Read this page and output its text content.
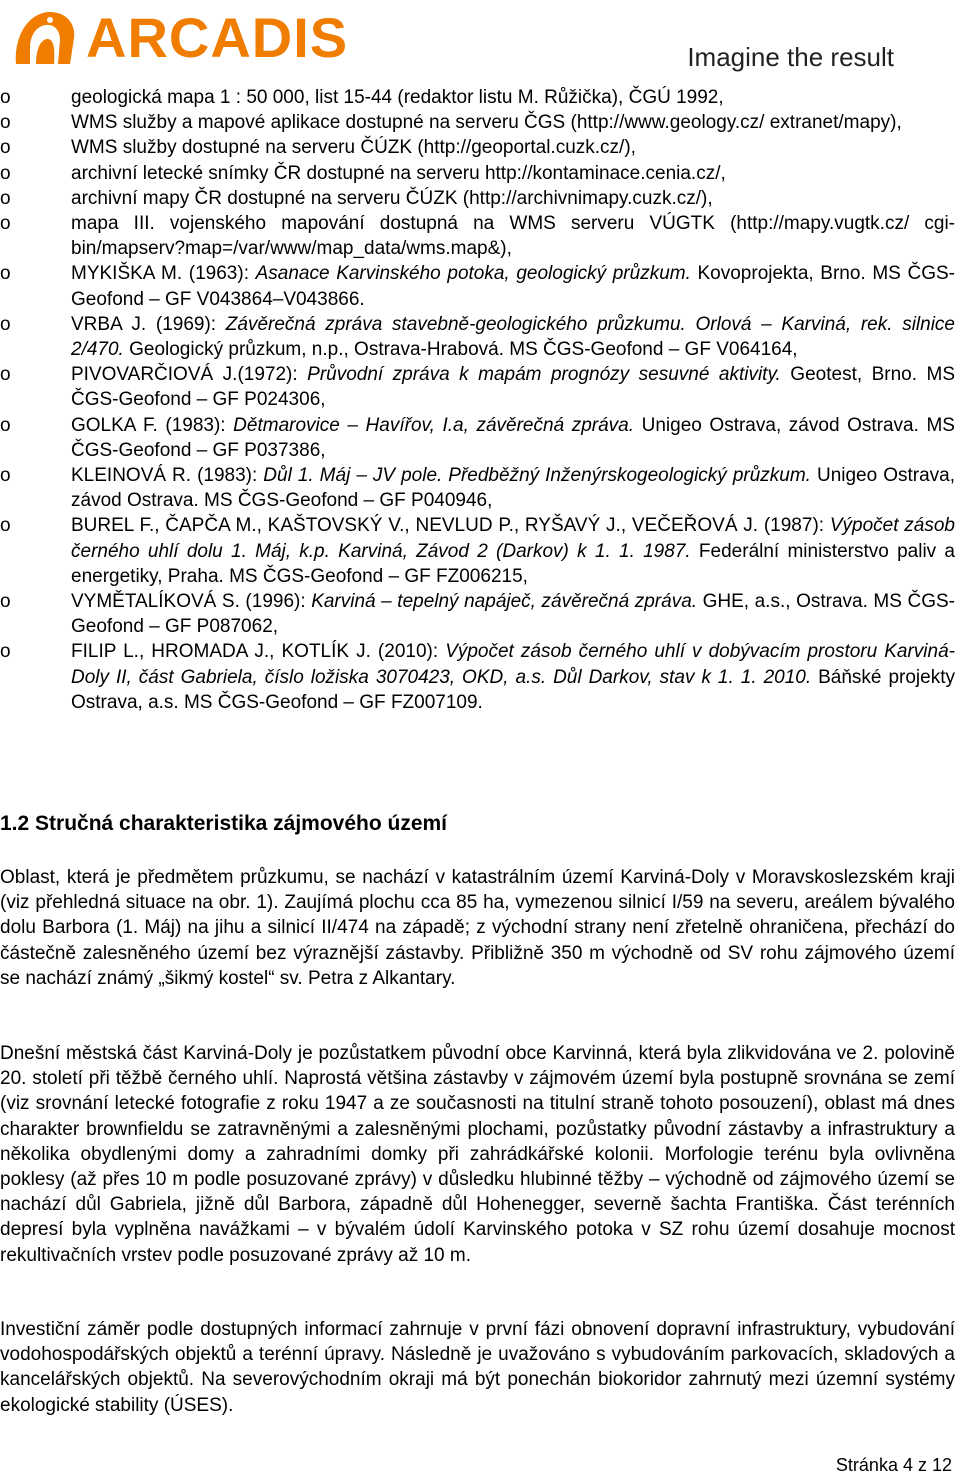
ARCADIS	Imagine the result
o	geologická mapa 1 : 50 000, list 15-44 (redaktor listu M. Růžička), ČGÚ 1992,
o	WMS služby a mapové aplikace dostupné na serveru ČGS (http://www.geology.cz/ extranet/mapy),
o	WMS služby dostupné na serveru ČÚZK (http://geoportal.cuzk.cz/),
o	archivní letecké snímky ČR dostupné na serveru http://kontaminace.cenia.cz/,
o	archivní mapy ČR dostupné na serveru ČÚZK (http://archivnimapy.cuzk.cz/),
o	mapa III. vojenského mapování dostupná na WMS serveru VÚGTK (http://mapy.vugtk.cz/ cgi-bin/mapserv?map=/var/www/map_data/wms.map&),
o	MYKIŠKA M. (1963): Asanace Karvinského potoka, geologický průzkum. Kovoprojekta, Brno. MS ČGS-Geofond – GF V043864–V043866.
o	VRBA J. (1969): Závěrečná zpráva stavebně-geologického průzkumu. Orlová – Karviná, rek. silnice 2/470. Geologický průzkum, n.p., Ostrava-Hrabová. MS ČGS-Geofond – GF V064164,
o	PIVOVARČIOVÁ J.(1972): Průvodní zpráva k mapám prognózy sesuvné aktivity. Geotest, Brno. MS ČGS-Geofond – GF P024306,
o	GOLKA F. (1983): Dětmarovice – Havířov, I.a, závěrečná zpráva. Unigeo Ostrava, závod Ostrava. MS ČGS-Geofond – GF P037386,
o	KLEINOVÁ R. (1983): Důl 1. Máj – JV pole. Předběžný Inženýrskogeologický průzkum. Unigeo Ostrava, závod Ostrava. MS ČGS-Geofond – GF P040946,
o	BUREL F., ČAPČA M., KAŠTOVSKÝ V., NEVLUD P., RYŠAVÝ J., VEČEŘOVÁ J. (1987): Výpočet zásob černého uhlí dolu 1. Máj, k.p. Karviná, Závod 2 (Darkov) k 1. 1. 1987. Federální ministerstvo paliv a energetiky, Praha. MS ČGS-Geofond – GF FZ006215,
o	VYMĚTALÍKOVÁ S. (1996): Karviná – tepelný napáječ, závěrečná zpráva. GHE, a.s., Ostrava. MS ČGS-Geofond – GF P087062,
o	FILIP L., HROMADA J., KOTLÍK J. (2010): Výpočet zásob černého uhlí v dobývacím prostoru Karviná-Doly II, část Gabriela, číslo ložiska 3070423, OKD, a.s. Důl Darkov, stav k 1. 1. 2010. Báňské projekty Ostrava, a.s. MS ČGS-Geofond – GF FZ007109.
1.2 Stručná charakteristika zájmového území
Oblast, která je předmětem průzkumu, se nachází v katastrálním území Karviná-Doly v Moravskoslezském kraji (viz přehledná situace na obr. 1). Zaujímá plochu cca 85 ha, vymezenou silnicí I/59 na severu, areálem bývalého dolu Barbora (1. Máj) na jihu a silnicí II/474 na západě; z východní strany není zřetelně ohraničena, přechází do částečně zalesněného území bez výraznější zástavby. Přibližně 350 m východně od SV rohu zájmového území se nachází známý „šikmý kostel“ sv. Petra z Alkantary.
Dnešní městská část Karviná-Doly je pozůstatkem původní obce Karvinná, která byla zlikvidována ve 2. polovině 20. století při těžbě černého uhlí. Naprostá většina zástavby v zájmovém území byla postupně srovnána se zemí (viz srovnání letecké fotografie z roku 1947 a ze současnosti na titulní straně tohoto posouzení), oblast má dnes charakter brownfieldu se zatravněnými a zalesněnými plochami, pozůstatky původní zástavby a infrastruktury a několika obydlenými domy a zahradními domky při zahrádkářské kolonii. Morfologie terénu byla ovlivněna poklesy (až přes 10 m podle posuzované zprávy) v důsledku hlubinné těžby – východně od zájmového území se nachází důl Gabriela, jižně důl Barbora, západně důl Hohenegger, severně šachta Františka. Část terénních depresí byla vyplněna navážkami – v bývalém údolí Karvinského potoka v SZ rohu území dosahuje mocnost rekultivačních vrstev podle posuzované zprávy až 10 m.
Investiční záměr podle dostupných informací zahrnuje v první fázi obnovení dopravní infrastruktury, vybudování vodohospodářských objektů a terénní úpravy. Následně je uvažováno s vybudováním parkovacích, skladových a kancelářských objektů. Na severovýchodním okraji má být ponechán biokoridor zahrnutý mezi územní systémy ekologické stability (ÚSES).
Stránka 4 z 12
